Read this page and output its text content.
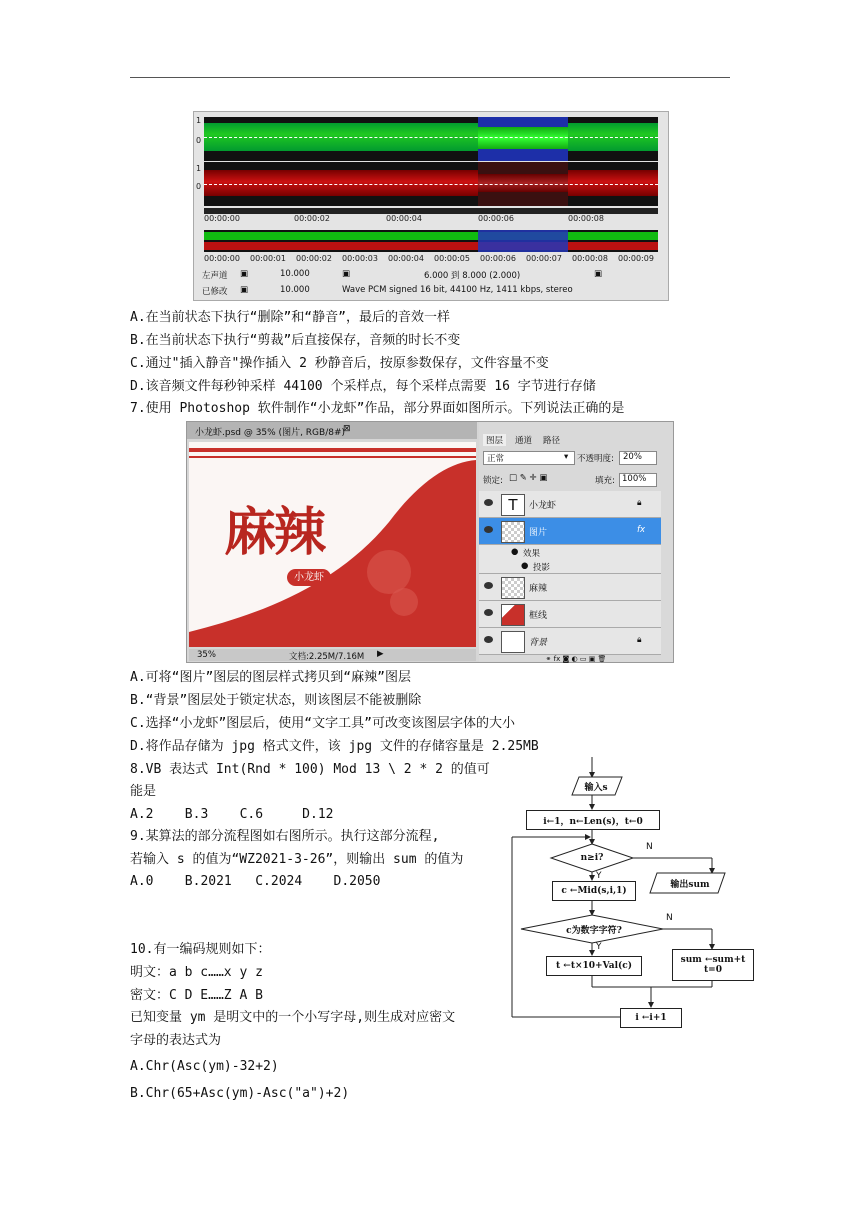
1
0
1
0
00:00:00	00:00:02	00:00:04	00:00:06	00:00:08
00:00:00 00:00:01 00:00:02 00:00:03 00:00:04 00:00:05 00:00:06 00:00:07 00:00:08 00:00:09
左声道 ▣	10.000	▣	6.000 到 8.000 (2.000)	▣
已修改 ▣	10.000	Wave PCM signed 16 bit, 44100 Hz, 1411 kbps, stereo
A.在当前状态下执行“删除”和“静音”，最后的音效一样
B.在当前状态下执行“剪裁”后直接保存，音频的时长不变
C.通过"插入静音"操作插入 2 秒静音后，按原参数保存，文件容量不变
D.该音频文件每秒钟采样 44100 个采样点，每个采样点需要 16 字节进行存储
7.使用 Photoshop 软件制作“小龙虾”作品，部分界面如图所示。下列说法正确的是
小龙虾.psd @ 35% (图片, RGB/8#)
⊠
麻辣
小龙虾
35%	文档:2.25M/7.16M ▶
图层	通道 路径
正常	▾ 不透明度: 20%
锁定: □ ✎ ✛ ▣	填充: 100%
T	小龙虾	🔒︎
图片	fx
● 效果
● 投影
麻辣
框线
背景	🔒︎
⚭ fx ◙ ◐ ▭ ▣ 🗑︎
A.可将“图片”图层的图层样式拷贝到“麻辣”图层
B.“背景”图层处于锁定状态，则该图层不能被删除
C.选择“小龙虾”图层后，使用“文字工具”可改变该图层字体的大小
D.将作品存储为 jpg 格式文件，该 jpg 文件的存储容量是 2.25MB
8.VB 表达式 Int(Rnd * 100) Mod 13 \ 2 * 2 的值可
能是
A.2    B.3    C.6     D.12
9.某算法的部分流程图如右图所示。执行这部分流程,
若输入 s 的值为“WZ2021-3-26”，则输出 sum 的值为
A.0    B.2021   C.2024    D.2050
10.有一编码规则如下：
明文：a b c……x y z
密文：C D E……Z A B
已知变量 ym 是明文中的一个小写字母,则生成对应密文
字母的表达式为
A.Chr(Asc(ym)-32+2)
B.Chr(65+Asc(ym)-Asc("a")+2)
输入s
i←1，n←Len(s)，t←0
n≥i?
输出sum
c ←Mid(s,i,1)
c为数字字符?
t ←t×10+Val(c)
sum ←sum+t
t=0
i ←i+1
Y
N
Y
N
